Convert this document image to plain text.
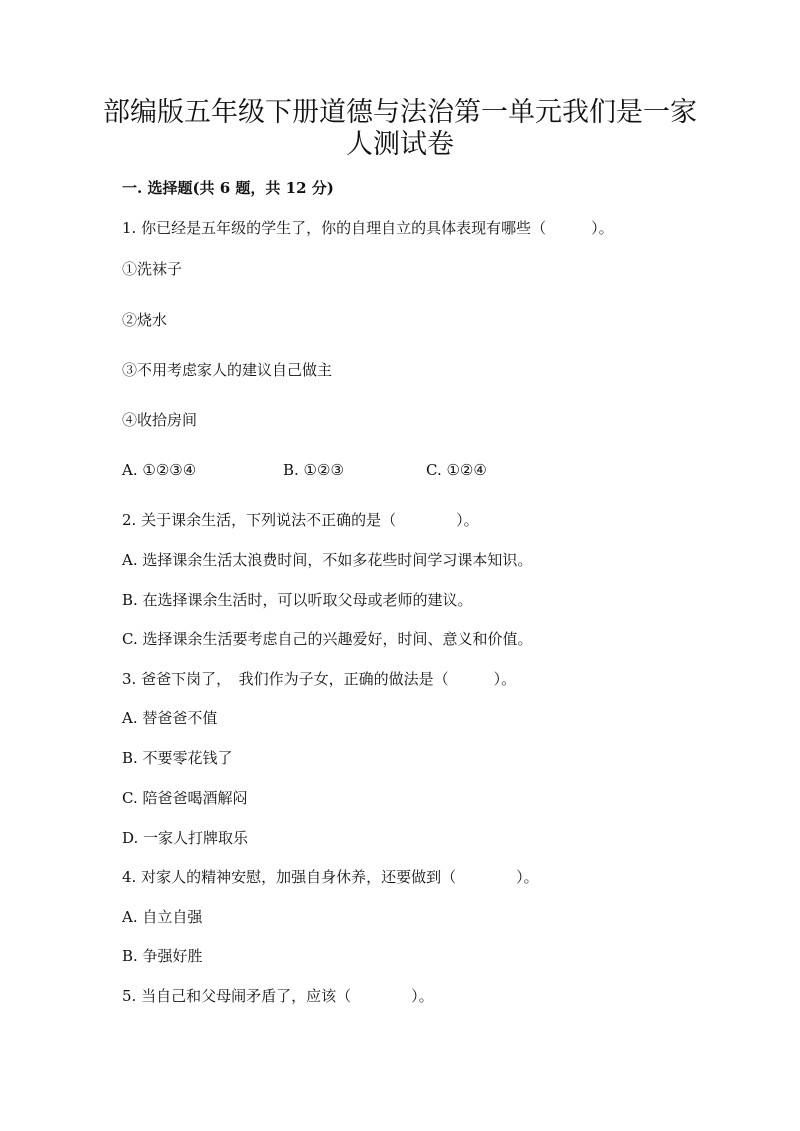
部编版五年级下册道德与法治第一单元我们是一家
人测试卷
一. 选择题(共 6 题，共 12 分)
1. 你已经是五年级的学生了，你的自理自立的具体表现有哪些（　　　）。
①洗袜子
②烧水
③不用考虑家人的建议自己做主
④收拾房间
A. ①②③④	B. ①②③	C. ①②④
2. 关于课余生活，下列说法不正确的是（　　　　）。
A. 选择课余生活太浪费时间，不如多花些时间学习课本知识。
B. 在选择课余生活时，可以听取父母或老师的建议。
C. 选择课余生活要考虑自己的兴趣爱好，时间、意义和价值。
3. 爸爸下岗了，　我们作为子女，正确的做法是（　　　）。
A. 替爸爸不值
B. 不要零花钱了
C. 陪爸爸喝酒解闷
D. 一家人打牌取乐
4. 对家人的精神安慰，加强自身休养，还要做到（　　　　）。
A. 自立自强
B. 争强好胜
5. 当自己和父母闹矛盾了，应该（　　　　）。
